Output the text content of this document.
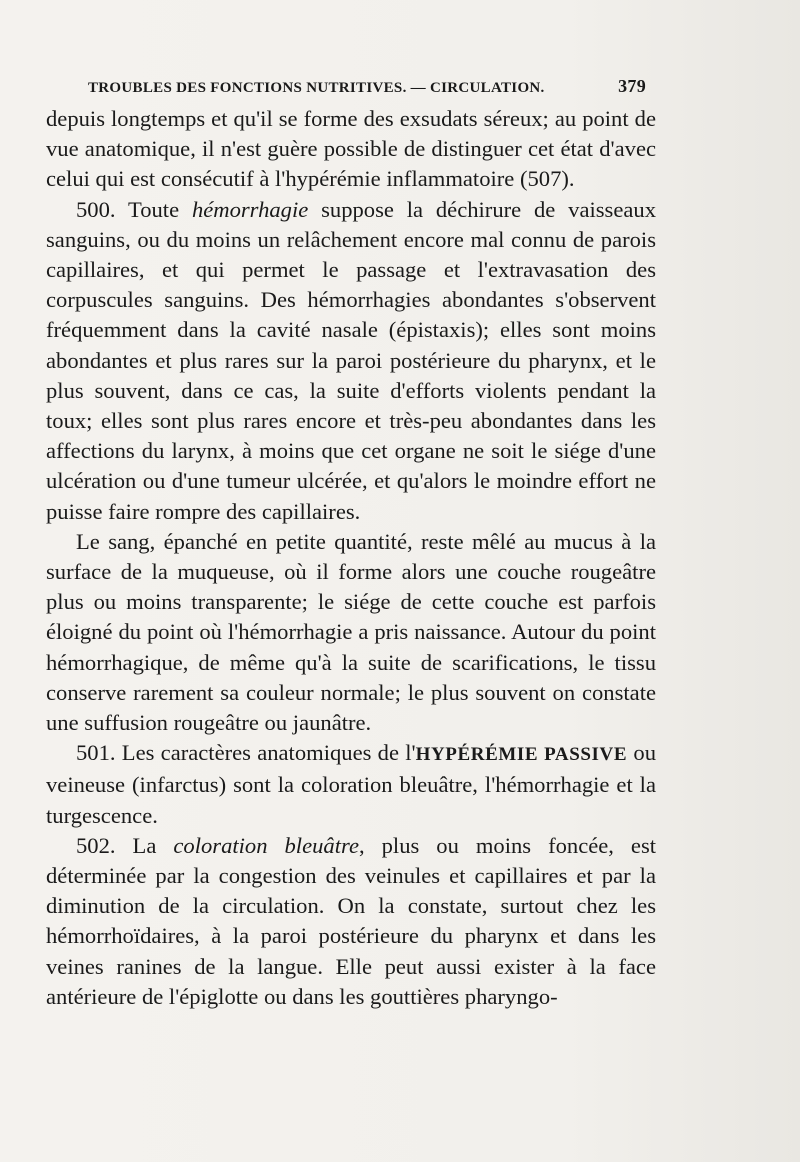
TROUBLES DES FONCTIONS NUTRITIVES. — CIRCULATION.	379

depuis longtemps et qu'il se forme des exsudats séreux; au point de vue anatomique, il n'est guère possible de distinguer cet état d'avec celui qui est consécutif à l'hypérémie inflammatoire (507).

500. Toute hémorrhagie suppose la déchirure de vaisseaux sanguins, ou du moins un relâchement encore mal connu de parois capillaires, et qui permet le passage et l'extravasation des corpuscules sanguins. Des hémorrhagies abondantes s'observent fréquemment dans la cavité nasale (épistaxis); elles sont moins abondantes et plus rares sur la paroi postérieure du pharynx, et le plus souvent, dans ce cas, la suite d'efforts violents pendant la toux; elles sont plus rares encore et très-peu abondantes dans les affections du larynx, à moins que cet organe ne soit le siége d'une ulcération ou d'une tumeur ulcérée, et qu'alors le moindre effort ne puisse faire rompre des capillaires.

Le sang, épanché en petite quantité, reste mêlé au mucus à la surface de la muqueuse, où il forme alors une couche rougeâtre plus ou moins transparente; le siége de cette couche est parfois éloigné du point où l'hémorrhagie a pris naissance. Autour du point hémorrhagique, de même qu'à la suite de scarifications, le tissu conserve rarement sa couleur normale; le plus souvent on constate une suffusion rougeâtre ou jaunâtre.

501. Les caractères anatomiques de l'HYPÉRÉMIE PASSIVE ou veineuse (infarctus) sont la coloration bleuâtre, l'hémorrhagie et la turgescence.

502. La coloration bleuâtre, plus ou moins foncée, est déterminée par la congestion des veinules et capillaires et par la diminution de la circulation. On la constate, surtout chez les hémorrhoïdaires, à la paroi postérieure du pharynx et dans les veines ranines de la langue. Elle peut aussi exister à la face antérieure de l'épiglotte ou dans les gouttières pharyngo-
